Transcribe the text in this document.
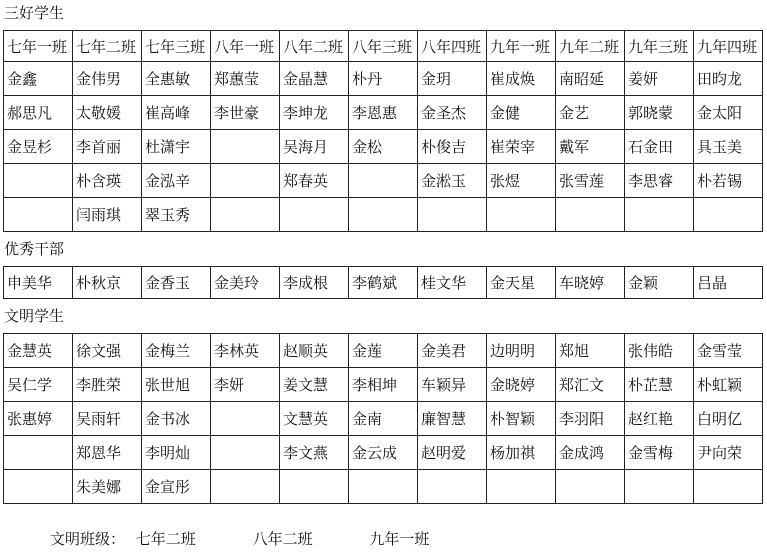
三好学生
七年一班	七年二班	七年三班	八年一班	八年二班	八年三班	八年四班	九年一班	九年二班	九年三班	九年四班
金鑫	金伟男	全惠敏	郑蕙莹	金晶慧	朴丹	金玥	崔成焕	南昭延	姜妍	田昀龙
郝思凡	太敬媛	崔高峰	李世豪	李坤龙	李恩惠	金圣杰	金健	金艺	郭晓蒙	金太阳
金昱杉	李首丽	杜潇宇		吴海月	金松	朴俊吉	崔荣宰	戴军	石金田	具玉美
	朴含瑛	金泓辛		郑春英		金淞玉	张煜	张雪莲	李思睿	朴若锡
	闫雨琪	翠玉秀								
优秀干部
申美华	朴秋京	金香玉	金美玲	李成根	李鹤斌	桂文华	金天星	车晓婷	金颖	吕晶
文明学生
金慧英	徐文强	金梅兰	李林英	赵顺英	金莲	金美君	边明明	郑旭	张伟皓	金雪莹
吴仁学	李胜荣	张世旭	李妍	姜文慧	李相坤	车颖异	金晓婷	郑汇文	朴芷慧	朴虹颖
张惠婷	吴雨轩	金书冰		文慧英	金南	廉智慧	朴智颖	李羽阳	赵红艳	白明亿
	郑恩华	李明灿		李文燕	金云成	赵明爱	杨加祺	金成鸿	金雪梅	尹向荣
	朱美娜	金宣彤								
文明班级： 七年二班	八年二班	九年一班
